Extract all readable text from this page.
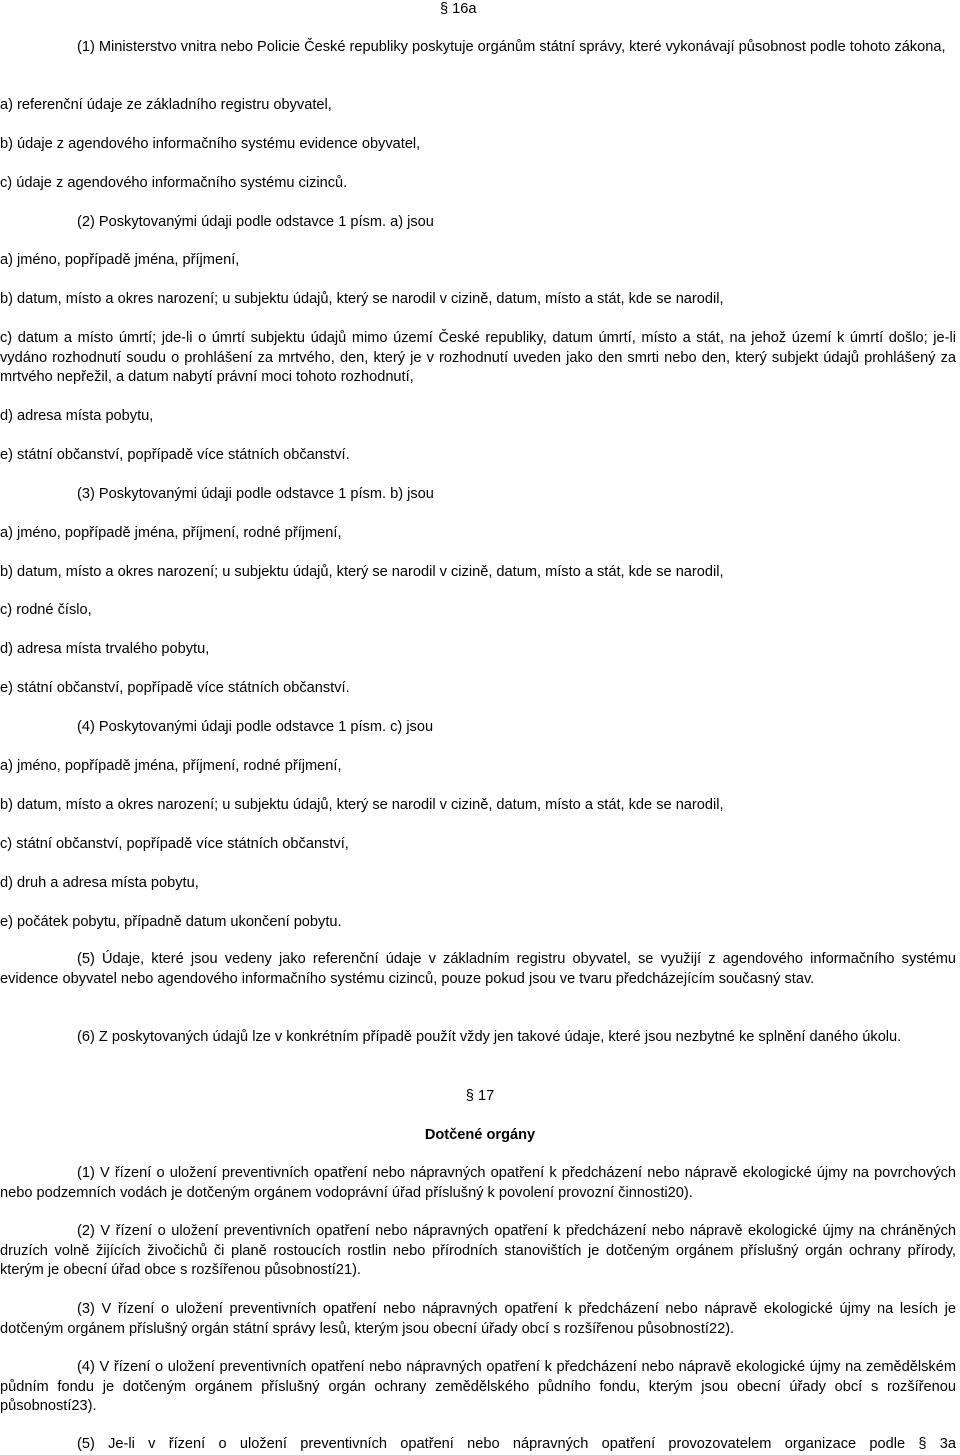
§ 16a

(1) Ministerstvo vnitra nebo Policie České republiky poskytuje orgánům státní správy, které vykonávají působnost podle tohoto zákona,

a) referenční údaje ze základního registru obyvatel,

b) údaje z agendového informačního systému evidence obyvatel,

c) údaje z agendového informačního systému cizinců.

(2) Poskytovanými údaji podle odstavce 1 písm. a) jsou

a) jméno, popřípadě jména, příjmení,

b) datum, místo a okres narození; u subjektu údajů, který se narodil v cizině, datum, místo a stát, kde se narodil,

c) datum a místo úmrtí; jde-li o úmrtí subjektu údajů mimo území České republiky, datum úmrtí, místo a stát, na jehož území k úmrtí došlo; je-li vydáno rozhodnutí soudu o prohlášení za mrtvého, den, který je v rozhodnutí uveden jako den smrti nebo den, který subjekt údajů prohlášený za mrtvého nepřežil, a datum nabytí právní moci tohoto rozhodnutí,

d) adresa místa pobytu,

e) státní občanství, popřípadě více státních občanství.

(3) Poskytovanými údaji podle odstavce 1 písm. b) jsou

a) jméno, popřípadě jména, příjmení, rodné příjmení,

b) datum, místo a okres narození; u subjektu údajů, který se narodil v cizině, datum, místo a stát, kde se narodil,

c) rodné číslo,

d) adresa místa trvalého pobytu,

e) státní občanství, popřípadě více státních občanství.

(4) Poskytovanými údaji podle odstavce 1 písm. c) jsou

a) jméno, popřípadě jména, příjmení, rodné příjmení,

b) datum, místo a okres narození; u subjektu údajů, který se narodil v cizině, datum, místo a stát, kde se narodil,

c) státní občanství, popřípadě více státních občanství,

d) druh a adresa místa pobytu,

e) počátek pobytu, případně datum ukončení pobytu.

(5) Údaje, které jsou vedeny jako referenční údaje v základním registru obyvatel, se využijí z agendového informačního systému evidence obyvatel nebo agendového informačního systému cizinců, pouze pokud jsou ve tvaru předcházejícím současný stav.

(6) Z poskytovaných údajů lze v konkrétním případě použít vždy jen takové údaje, které jsou nezbytné ke splnění daného úkolu.

§ 17
Dotčené orgány

(1) V řízení o uložení preventivních opatření nebo nápravných opatření k předcházení nebo nápravě ekologické újmy na povrchových nebo podzemních vodách je dotčeným orgánem vodoprávní úřad příslušný k povolení provozní činnosti20).

(2) V řízení o uložení preventivních opatření nebo nápravných opatření k předcházení nebo nápravě ekologické újmy na chráněných druzích volně žijících živočichů či planě rostoucích rostlin nebo přírodních stanovištích je dotčeným orgánem příslušný orgán ochrany přírody, kterým je obecní úřad obce s rozšířenou působností21).

(3) V řízení o uložení preventivních opatření nebo nápravných opatření k předcházení nebo nápravě ekologické újmy na lesích je dotčeným orgánem příslušný orgán státní správy lesů, kterým jsou obecní úřady obcí s rozšířenou působností22).

(4) V řízení o uložení preventivních opatření nebo nápravných opatření k předcházení nebo nápravě ekologické újmy na zemědělském půdním fondu je dotčeným orgánem příslušný orgán ochrany zemědělského půdního fondu, kterým jsou obecní úřady obcí s rozšířenou působností23).

(5) Je-li v řízení o uložení preventivních opatření nebo nápravných opatření provozovatelem organizace podle § 3a
